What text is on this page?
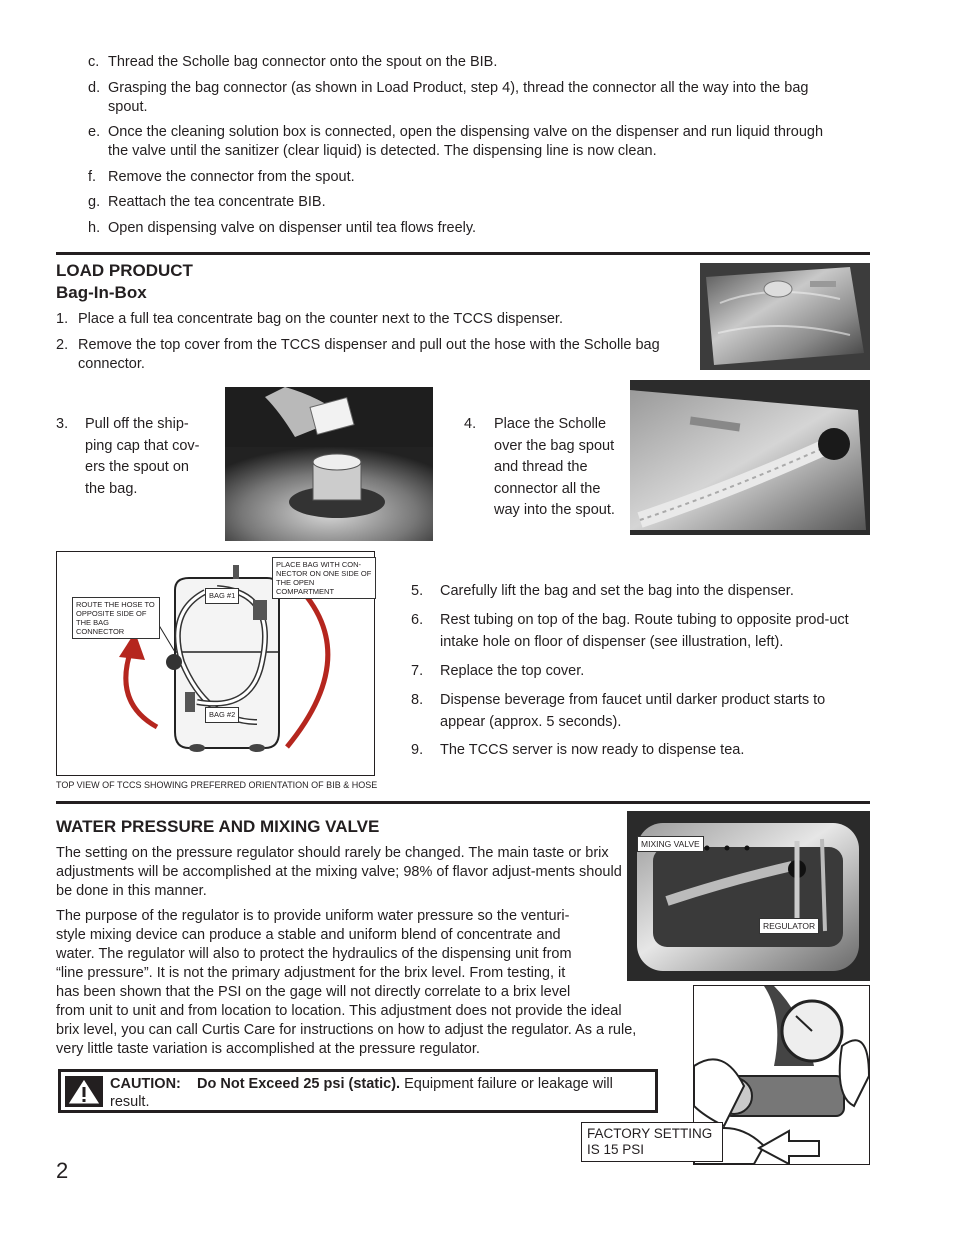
c. Thread the Scholle bag connector onto the spout on the BIB.
d. Grasping the bag connector (as shown in Load Product, step 4), thread the connector all the way into the bag spout.
e. Once the cleaning solution box is connected, open the dispensing valve on the dispenser and run liquid through the valve until the sanitizer (clear liquid) is detected. The dispensing line is now clean.
f. Remove the connector from the spout.
g. Reattach the tea concentrate BIB.
h. Open dispensing valve on dispenser until tea flows freely.
LOAD PRODUCT
Bag-In-Box
1. Place a full tea concentrate bag on the counter next to the TCCS dispenser.
2. Remove the top cover from the TCCS dispenser and pull out the hose with the Scholle bag connector.
3. Pull off the ship-ping cap that cov-ers the spout on the bag.
4. Place the Scholle over the bag spout and thread the connector all the way into the spout.
PLACE BAG WITH CON-NECTOR ON ONE SIDE OF THE OPEN COMPARTMENT
ROUTE THE HOSE TO OPPOSITE SIDE OF THE BAG CONNECTOR
BAG #1
BAG #2
TOP VIEW OF TCCS SHOWING PREFERRED ORIENTATION OF BIB & HOSE
5. Carefully lift the bag and set the bag into the dispenser.
6. Rest tubing on top of the bag. Route tubing to opposite prod-uct intake hole on floor of dispenser (see illustration, left).
7. Replace the top cover.
8. Dispense beverage from faucet until darker product starts to appear (approx. 5 seconds).
9. The TCCS server is now ready to dispense tea.
WATER PRESSURE AND MIXING VALVE
The setting on the pressure regulator should rarely be changed. The main taste or brix adjustments will be accomplished at the mixing valve; 98% of flavor adjust-ments should be done in this manner.
The purpose of the regulator is to provide uniform water pressure so the venturi-
style mixing device can produce a stable and uniform blend of concentrate and
water. The regulator will also to protect the hydraulics of the dispensing unit from
“line pressure”. It is not the primary adjustment for the brix level. From testing, it
has been shown that the PSI on the gage will not directly correlate to a brix level
from unit to unit and from location to location. This adjustment does not provide the ideal
brix level, you can call Curtis Care for instructions on how to adjust the regulator. As a rule,
very little taste variation is accomplished at the pressure regulator.
MIXING VALVE
REGULATOR
FACTORY SETTING IS 15 PSI
CAUTION: Do Not Exceed 25 psi (static). Equipment failure or leakage will result.
2
